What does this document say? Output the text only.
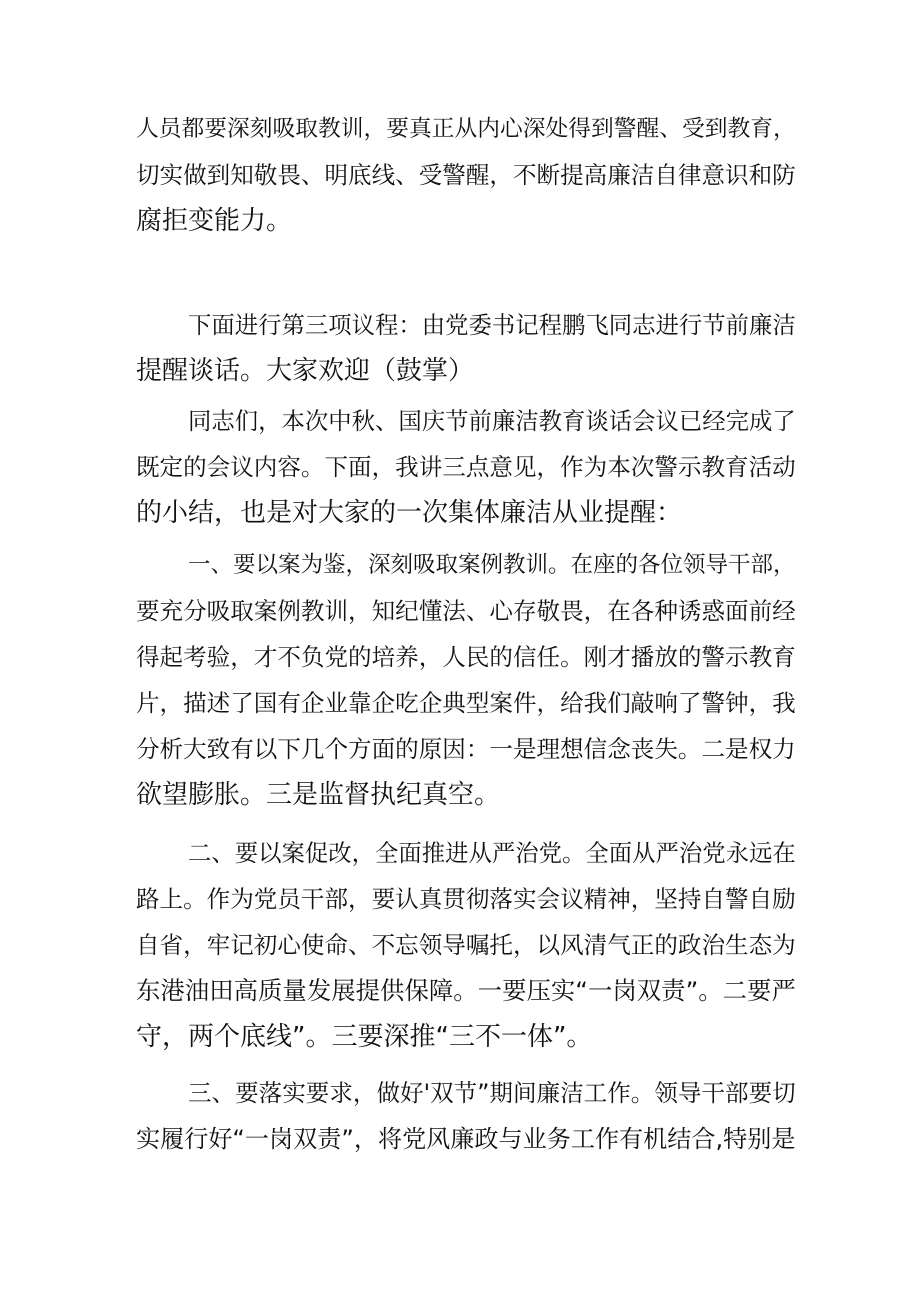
人员都要深刻吸取教训，要真正从内心深处得到警醒、受到教育，
切实做到知敬畏、明底线、受警醒，不断提高廉洁自律意识和防
腐拒变能力。
下面进行第三项议程：由党委书记程鹏飞同志进行节前廉洁
提醒谈话。大家欢迎（鼓掌）
同志们，本次中秋、国庆节前廉洁教育谈话会议已经完成了
既定的会议内容。下面，我讲三点意见，作为本次警示教育活动
的小结，也是对大家的一次集体廉洁从业提醒：
一、要以案为鉴，深刻吸取案例教训。在座的各位领导干部，
要充分吸取案例教训，知纪懂法、心存敬畏，在各种诱惑面前经
得起考验，才不负党的培养，人民的信任。刚才播放的警示教育
片，描述了国有企业靠企吃企典型案件，给我们敲响了警钟，我
分析大致有以下几个方面的原因：一是理想信念丧失。二是权力
欲望膨胀。三是监督执纪真空。
二、要以案促改，全面推进从严治党。全面从严治党永远在
路上。作为党员干部，要认真贯彻落实会议精神，坚持自警自励
自省，牢记初心使命、不忘领导嘱托，以风清气正的政治生态为
东港油田高质量发展提供保障。一要压实“一岗双责”。二要严
守，两个底线”。三要深推“三不一体”。
三、要落实要求，做好'双节”期间廉洁工作。领导干部要切
实履行好“一岗双责”，将党风廉政与业务工作有机结合,特别是
